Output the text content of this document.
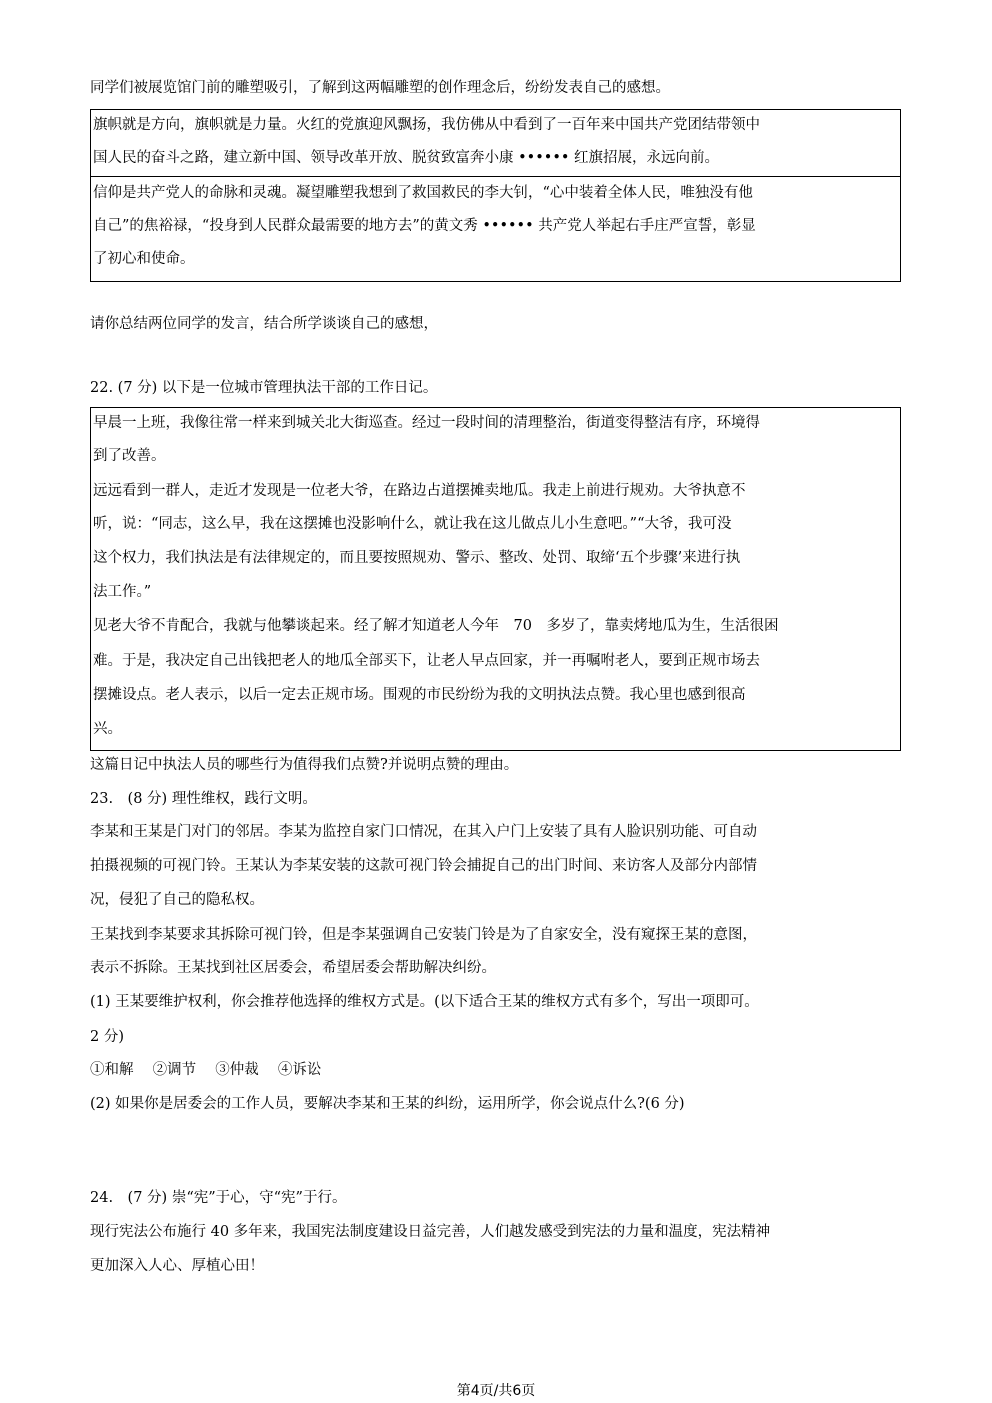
同学们被展览馆门前的雕塑吸引，了解到这两幅雕塑的创作理念后，纷纷发表自己的感想。
旗帜就是方向，旗帜就是力量。火红的党旗迎风飘扬，我仿佛从中看到了一百年来中国共产党团结带领中
国人民的奋斗之路，建立新中国、领导改革开放、脱贫致富奔小康 •••••• 红旗招展，永远向前。
信仰是共产党人的命脉和灵魂。凝望雕塑我想到了救国救民的李大钊，“心中装着全体人民，唯独没有他
自己”的焦裕禄，“投身到人民群众最需要的地方去”的黄文秀 •••••• 共产党人举起右手庄严宣誓，彰显
了初心和使命。
请你总结两位同学的发言，结合所学谈谈自己的感想，
22. (7 分) 以下是一位城市管理执法干部的工作日记。
早晨一上班，我像往常一样来到城关北大街巡查。经过一段时间的清理整治，街道变得整洁有序，环境得
到了改善。
远远看到一群人，走近才发现是一位老大爷，在路边占道摆摊卖地瓜。我走上前进行规劝。大爷执意不
听，说：“同志，这么早，我在这摆摊也没影响什么，就让我在这儿做点儿小生意吧。”“大爷，我可没
这个权力，我们执法是有法律规定的，而且要按照规劝、警示、整改、处罚、取缔‘五个步骤’来进行执
法工作。”
见老大爷不肯配合，我就与他攀谈起来。经了解才知道老人今年　70　多岁了，靠卖烤地瓜为生，生活很困
难。于是，我决定自己出钱把老人的地瓜全部买下，让老人早点回家，并一再嘱咐老人，要到正规市场去
摆摊设点。老人表示，以后一定去正规市场。围观的市民纷纷为我的文明执法点赞。我心里也感到很高
兴。
这篇日记中执法人员的哪些行为值得我们点赞?并说明点赞的理由。
23.　(8 分) 理性维权，践行文明。
李某和王某是门对门的邻居。李某为监控自家门口情况，在其入户门上安装了具有人脸识别功能、可自动
拍摄视频的可视门铃。王某认为李某安装的这款可视门铃会捕捉自己的出门时间、来访客人及部分内部情
况，侵犯了自己的隐私权。
王某找到李某要求其拆除可视门铃，但是李某强调自己安装门铃是为了自家安全，没有窥探王某的意图，
表示不拆除。王某找到社区居委会，希望居委会帮助解决纠纷。
(1) 王某要维护权利，你会推荐他选择的维权方式是。(以下适合王某的维权方式有多个，写出一项即可。
2 分)
①和解　 ②调节　 ③仲裁　 ④诉讼
(2) 如果你是居委会的工作人员，要解决李某和王某的纠纷，运用所学，你会说点什么?(6 分)
24.　(7 分) 崇“宪”于心，守“宪”于行。
现行宪法公布施行 40 多年来，我国宪法制度建设日益完善，人们越发感受到宪法的力量和温度，宪法精神
更加深入人心、厚植心田！
第4页/共6页
